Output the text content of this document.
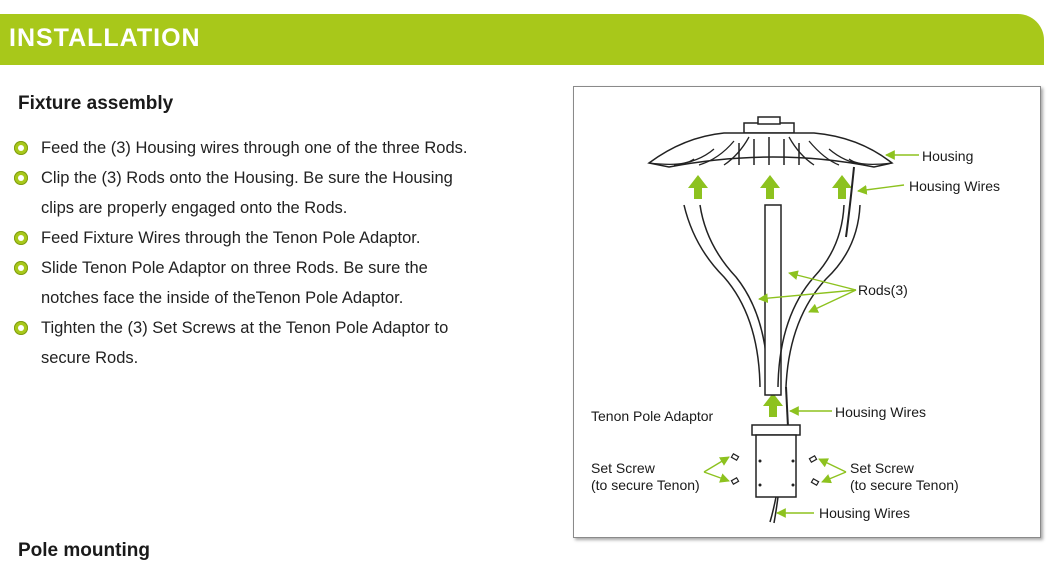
INSTALLATION
Fixture assembly
Feed the (3) Housing wires through one of the three Rods.
Clip the (3) Rods onto the Housing. Be sure the Housing
clips are properly engaged onto the Rods.
Feed Fixture Wires through the Tenon Pole Adaptor.
Slide Tenon Pole Adaptor on three Rods. Be sure the
notches face the inside of theTenon Pole Adaptor.
Tighten the (3) Set Screws at the Tenon Pole Adaptor to
secure Rods.
Pole mounting
Housing
Housing Wires
Rods(3)
Tenon Pole Adaptor	Housing Wires
Set Screw
(to secure Tenon)
Set Screw
(to secure Tenon)
Housing Wires
